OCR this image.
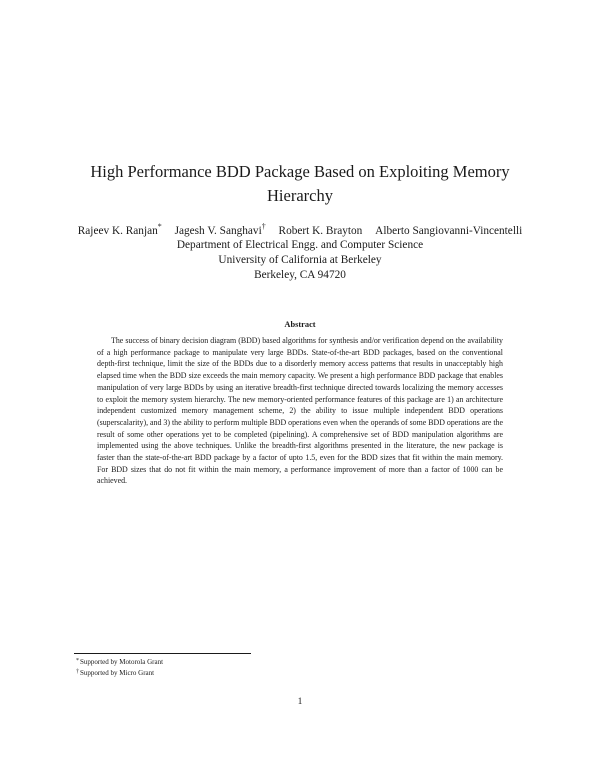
High Performance BDD Package Based on Exploiting Memory Hierarchy
Rajeev K. Ranjan* Jagesh V. Sanghavi† Robert K. Brayton Alberto Sangiovanni-Vincentelli
Department of Electrical Engg. and Computer Science
University of California at Berkeley
Berkeley, CA 94720
Abstract

The success of binary decision diagram (BDD) based algorithms for synthesis and/or verification depend on the availability of a high performance package to manipulate very large BDDs. State-of-the-art BDD packages, based on the conventional depth-first technique, limit the size of the BDDs due to a disorderly memory access patterns that results in unacceptably high elapsed time when the BDD size exceeds the main memory capacity. We present a high performance BDD package that enables manipulation of very large BDDs by using an iterative breadth-first technique directed towards localizing the memory accesses to exploit the memory system hierarchy. The new memory-oriented performance features of this package are 1) an architecture independent customized memory management scheme, 2) the ability to issue multiple independent BDD operations (superscalarity), and 3) the ability to perform multiple BDD operations even when the operands of some BDD operations are the result of some other operations yet to be completed (pipelining). A comprehensive set of BDD manipulation algorithms are implemented using the above techniques. Unlike the breadth-first algorithms presented in the literature, the new package is faster than the state-of-the-art BDD package by a factor of upto 1.5, even for the BDD sizes that fit within the main memory. For BDD sizes that do not fit within the main memory, a performance improvement of more than a factor of 1000 can be achieved.

*Supported by Motorola Grant
†Supported by Micro Grant
1
